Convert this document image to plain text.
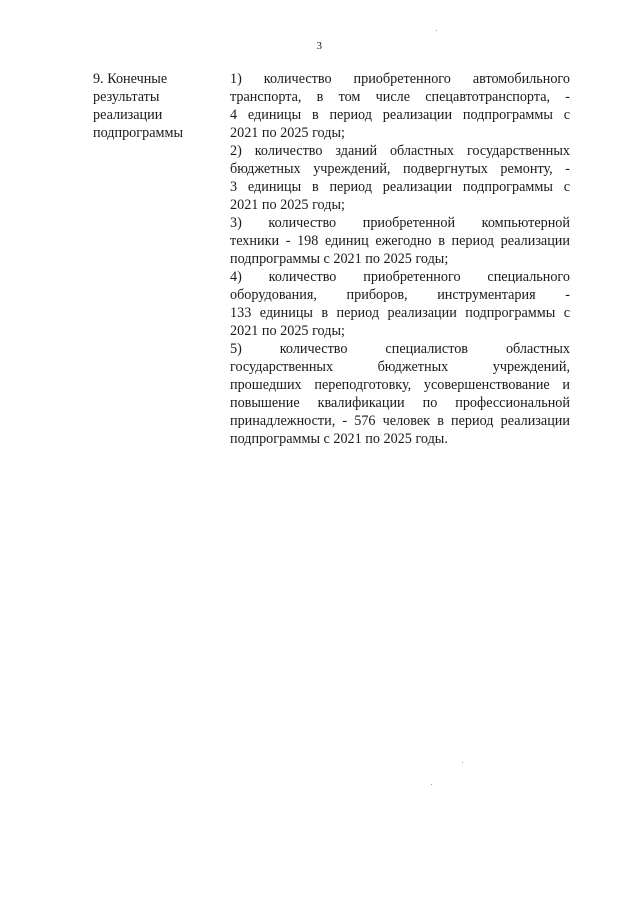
3
9. Конечные
результаты
реализации
подпрограммы
1) количество приобретенного автомобильного
транспорта, в том числе спецавтотранспорта, -
4 единицы в период реализации подпрограммы с
2021 по 2025 годы;
2) количество зданий областных государственных
бюджетных учреждений, подвергнутых ремонту, -
3 единицы в период реализации подпрограммы с
2021 по 2025 годы;
3) количество приобретенной компьютерной
техники - 198 единиц ежегодно в период реализации
подпрограммы с 2021 по 2025 годы;
4) количество приобретенного специального
оборудования, приборов, инструментария -
133 единицы в период реализации подпрограммы с
2021 по 2025 годы;
5) количество специалистов областных
государственных бюджетных учреждений,
прошедших переподготовку, усовершенствование и
повышение квалификации по профессиональной
принадлежности, - 576 человек в период реализации
подпрограммы с 2021 по 2025 годы.
